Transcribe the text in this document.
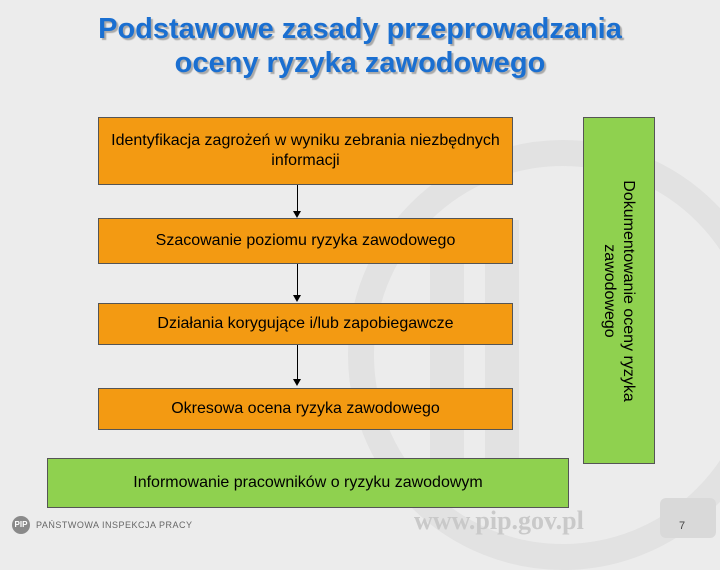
Podstawowe zasady przeprowadzania
oceny ryzyka zawodowego
Identyfikacja zagrożeń w wyniku zebrania niezbędnych informacji
Szacowanie poziomu ryzyka zawodowego
Działania korygujące i/lub zapobiegawcze
Okresowa ocena ryzyka zawodowego
Informowanie pracowników o ryzyku zawodowym
Dokumentowanie oceny ryzyka zawodowego
PIP PAŃSTWOWA INSPEKCJA PRACY	www.pip.gov.pl	7
